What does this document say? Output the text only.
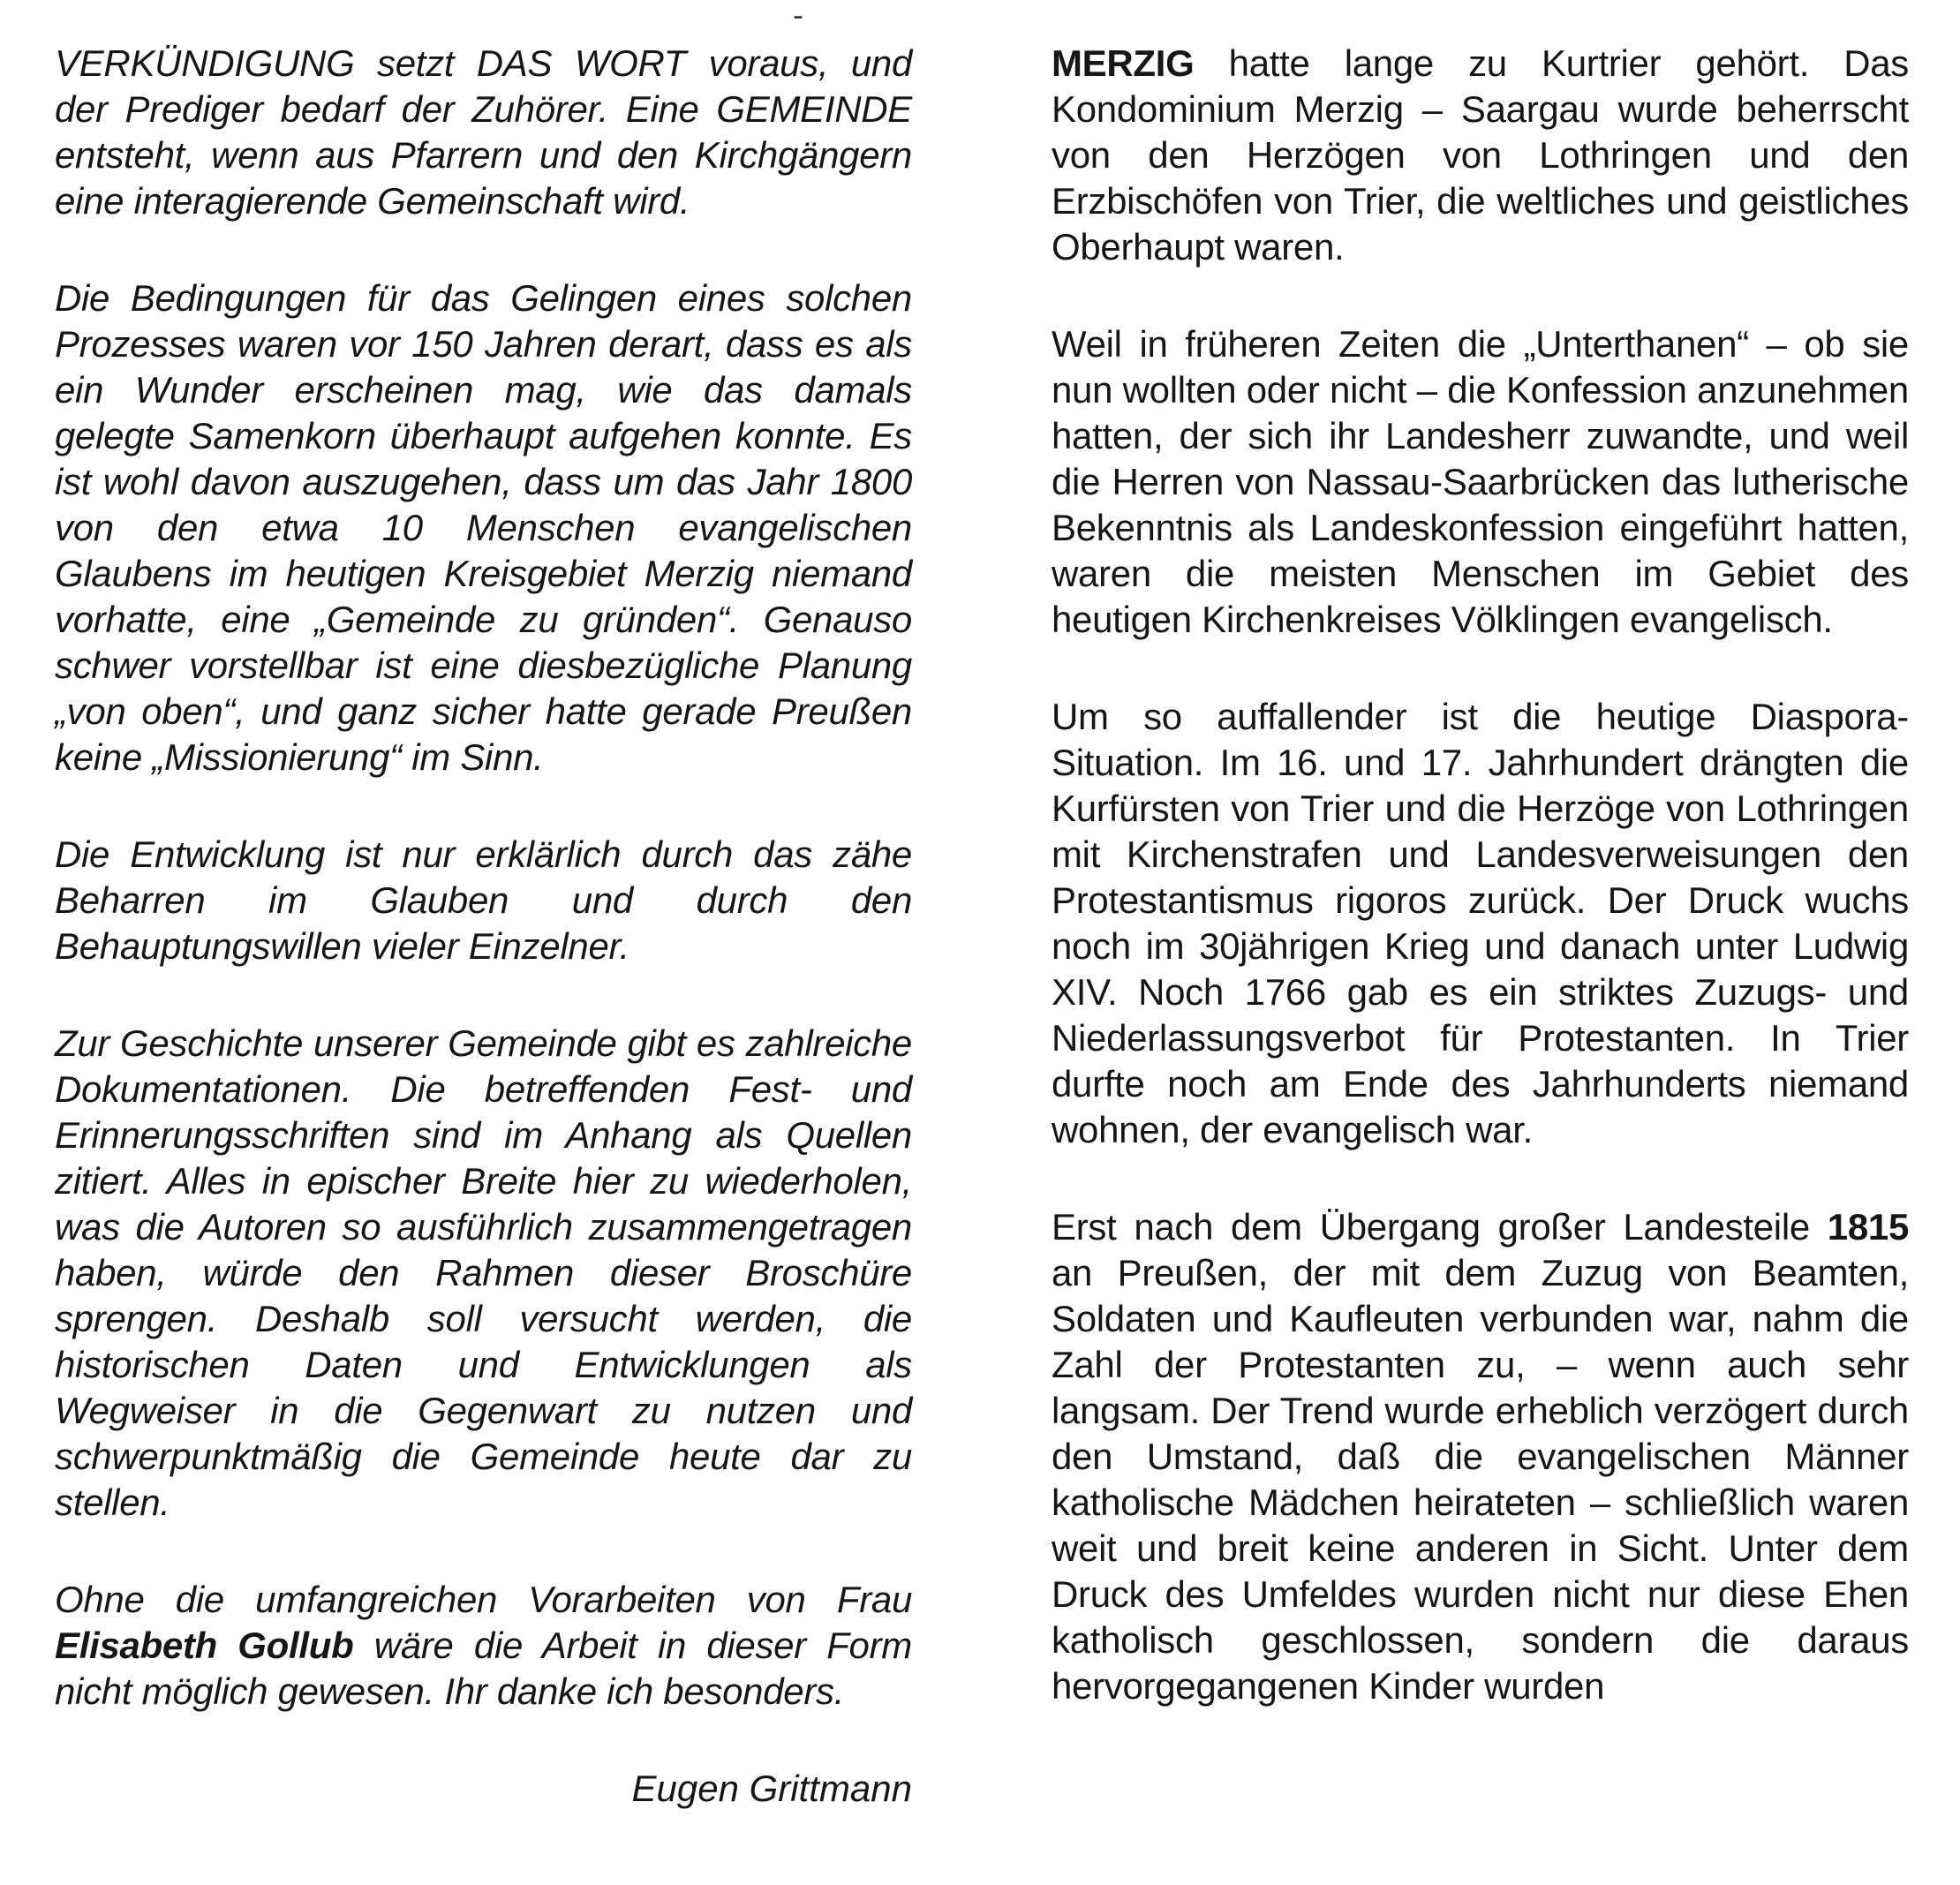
-

VERKÜNDIGUNG setzt DAS WORT voraus, und der Prediger bedarf der Zuhörer. Eine GEMEINDE entsteht, wenn aus Pfarrern und den Kirchgängern eine interagierende Gemeinschaft wird.

Die Bedingungen für das Gelingen eines solchen Prozesses waren vor 150 Jahren derart, dass es als ein Wunder erscheinen mag, wie das damals gelegte Samenkorn überhaupt aufgehen konnte. Es ist wohl davon auszugehen, dass um das Jahr 1800 von den etwa 10 Menschen evangelischen Glaubens im heutigen Kreisgebiet Merzig niemand vorhatte, eine „Gemeinde zu gründen“. Genauso schwer vorstellbar ist eine diesbezügliche Planung „von oben“, und ganz sicher hatte gerade Preußen keine „Missionierung“ im Sinn.

Die Entwicklung ist nur erklärlich durch das zähe Beharren im Glauben und durch den Behauptungswillen vieler Einzelner.

Zur Geschichte unserer Gemeinde gibt es zahlreiche Dokumentationen. Die betreffenden Fest- und Erinnerungsschriften sind im Anhang als Quellen zitiert. Alles in epischer Breite hier zu wiederholen, was die Autoren so ausführlich zusammengetragen haben, würde den Rahmen dieser Broschüre sprengen. Deshalb soll versucht werden, die historischen Daten und Entwicklungen als Wegweiser in die Gegenwart zu nutzen und schwerpunktmäßig die Gemeinde heute dar zu stellen.

Ohne die umfangreichen Vorarbeiten von Frau Elisabeth Gollub wäre die Arbeit in dieser Form nicht möglich gewesen. Ihr danke ich besonders.

Eugen Grittmann

MERZIG hatte lange zu Kurtrier gehört. Das Kondominium Merzig – Saargau wurde beherrscht von den Herzögen von Lothringen und den Erzbischöfen von Trier, die weltliches und geistliches Oberhaupt waren.

Weil in früheren Zeiten die „Unterthanen“ – ob sie nun wollten oder nicht – die Konfession anzunehmen hatten, der sich ihr Landesherr zuwandte, und weil die Herren von Nassau-Saarbrücken das lutherische Bekenntnis als Landeskonfession eingeführt hatten, waren die meisten Menschen im Gebiet des heutigen Kirchenkreises Völklingen evangelisch.

Um so auffallender ist die heutige Diaspora-Situation. Im 16. und 17. Jahrhundert drängten die Kurfürsten von Trier und die Herzöge von Lothringen mit Kirchenstrafen und Landesverweisungen den Protestantismus rigoros zurück. Der Druck wuchs noch im 30jährigen Krieg und danach unter Ludwig XIV. Noch 1766 gab es ein striktes Zuzugs- und Niederlassungsverbot für Protestanten. In Trier durfte noch am Ende des Jahrhunderts niemand wohnen, der evangelisch war.

Erst nach dem Übergang großer Landesteile 1815 an Preußen, der mit dem Zuzug von Beamten, Soldaten und Kaufleuten verbunden war, nahm die Zahl der Protestanten zu, – wenn auch sehr langsam. Der Trend wurde erheblich verzögert durch den Umstand, daß die evangelischen Männer katholische Mädchen heirateten – schließlich waren weit und breit keine anderen in Sicht. Unter dem Druck des Umfeldes wurden nicht nur diese Ehen katholisch geschlossen, sondern die daraus hervorgegangenen Kinder wurden
